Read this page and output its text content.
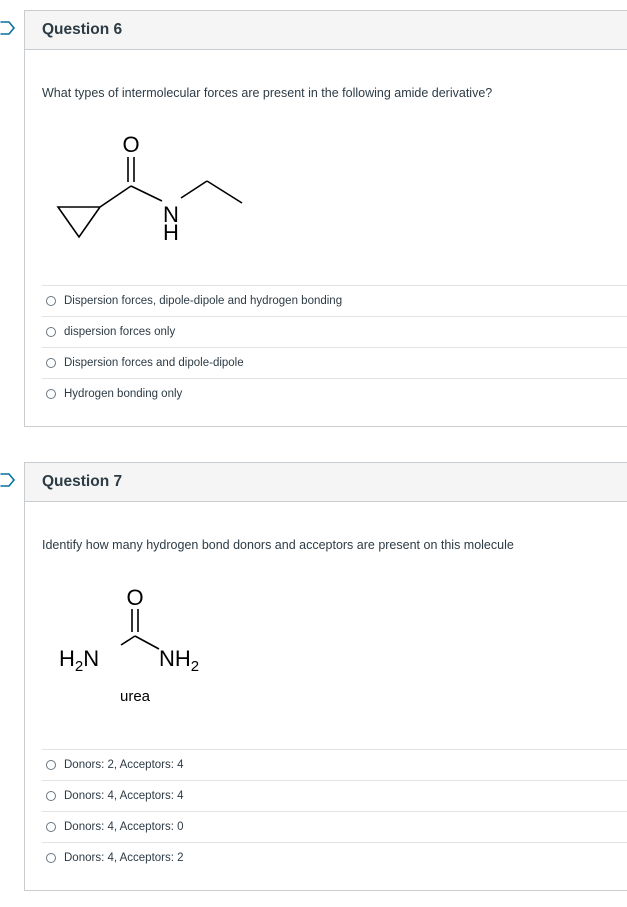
Question 6
What types of intermolecular forces are present in the following amide derivative?
O
N
H
Dispersion forces, dipole-dipole and hydrogen bonding
dispersion forces only
Dispersion forces and dipole-dipole
Hydrogen bonding only
Question 7
Identify how many hydrogen bond donors and acceptors are present on this molecule
O
$H_2N$	$NH_2$
urea
Donors: 2, Acceptors: 4
Donors: 4, Acceptors: 4
Donors: 4, Acceptors: 0
Donors: 4, Acceptors: 2
